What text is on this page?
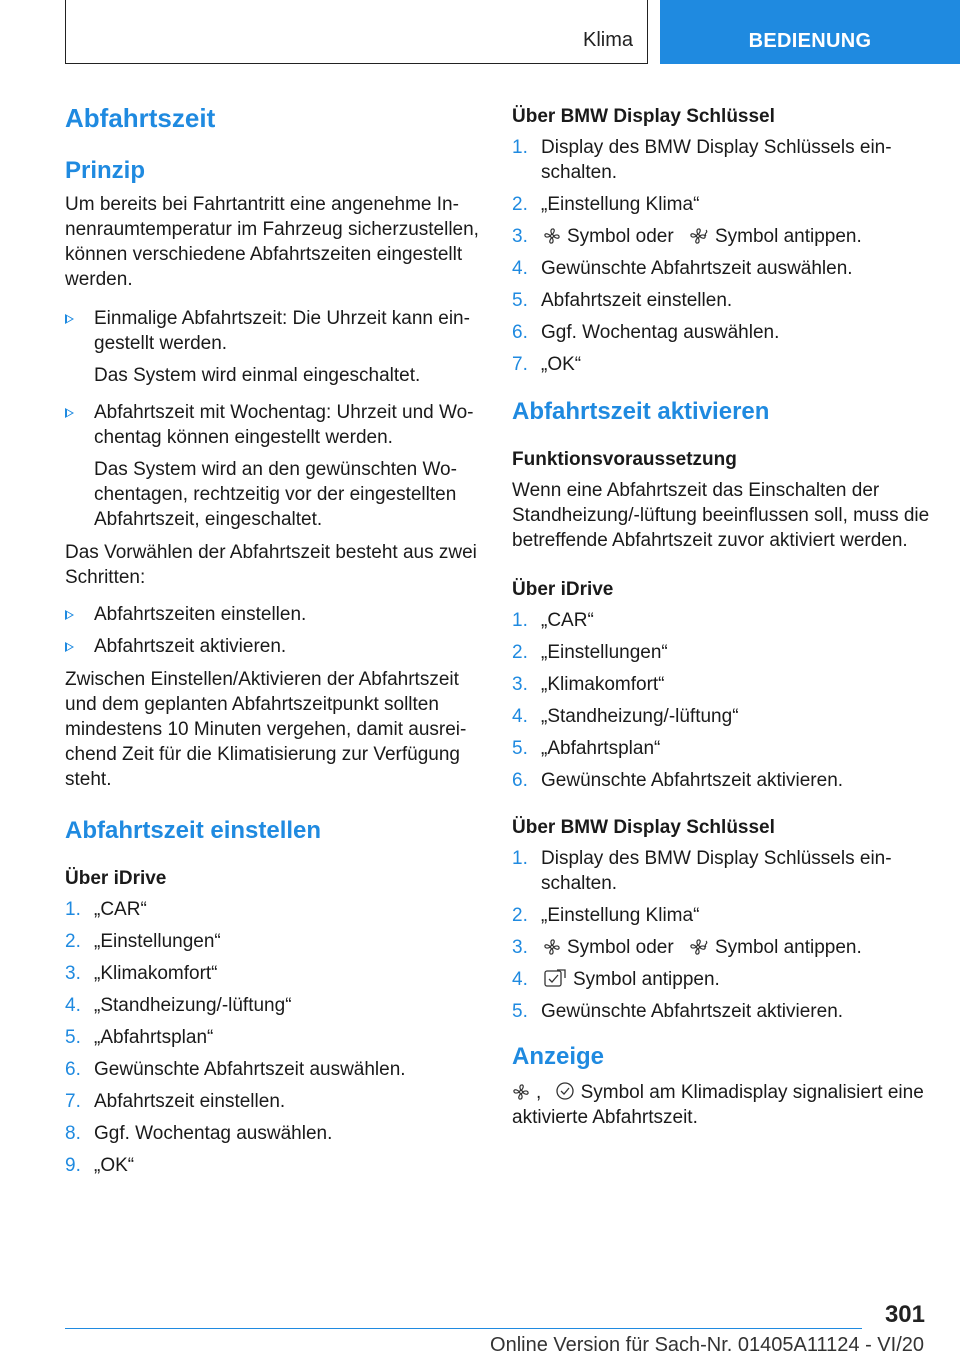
Klima	BEDIENUNG
Abfahrtszeit
Prinzip

Um bereits bei Fahrtantritt eine angenehme Innenraumtemperatur im Fahrzeug sicherzustellen, können verschiedene Abfahrtszeiten eingestellt werden.

Einmalige Abfahrtszeit: Die Uhrzeit kann eingestellt werden.
Das System wird einmal eingeschaltet.
Abfahrtszeit mit Wochentag: Uhrzeit und Wochentag können eingestellt werden.
Das System wird an den gewünschten Wochentagen, rechtzeitig vor der eingestellten Abfahrtszeit, eingeschaltet.

Das Vorwählen der Abfahrtszeit besteht aus zwei Schritten:

Abfahrtszeiten einstellen.
Abfahrtszeit aktivieren.

Zwischen Einstellen/Aktivieren der Abfahrtszeit und dem geplanten Abfahrtszeitpunkt sollten mindestens 10 Minuten vergehen, damit ausreichend Zeit für die Klimatisierung zur Verfügung steht.

Abfahrtszeit einstellen
Über iDrive
1. „CAR“
2. „Einstellungen“
3. „Klimakomfort“
4. „Standheizung/-lüftung“
5. „Abfahrtsplan“
6. Gewünschte Abfahrtszeit auswählen.
7. Abfahrtszeit einstellen.
8. Ggf. Wochentag auswählen.
9. „OK“
Über BMW Display Schlüssel
1. Display des BMW Display Schlüssels einschalten.
2. „Einstellung Klima“
3. Symbol oder Symbol antippen.
4. Gewünschte Abfahrtszeit auswählen.
5. Abfahrtszeit einstellen.
6. Ggf. Wochentag auswählen.
7. „OK“
Abfahrtszeit aktivieren
Funktionsvoraussetzung

Wenn eine Abfahrtszeit das Einschalten der Standheizung/-lüftung beeinflussen soll, muss die betreffende Abfahrtszeit zuvor aktiviert werden.

Über iDrive
1. „CAR“
2. „Einstellungen“
3. „Klimakomfort“
4. „Standheizung/-lüftung“
5. „Abfahrtsplan“
6. Gewünschte Abfahrtszeit aktivieren.
Über BMW Display Schlüssel
1. Display des BMW Display Schlüssels einschalten.
2. „Einstellung Klima“
3. Symbol oder Symbol antippen.
4. Symbol antippen.
5. Gewünschte Abfahrtszeit aktivieren.
Anzeige

, Symbol am Klimadisplay signalisiert eine aktivierte Abfahrtszeit.

301
Online Version für Sach-Nr. 01405A11124 - VI/20
